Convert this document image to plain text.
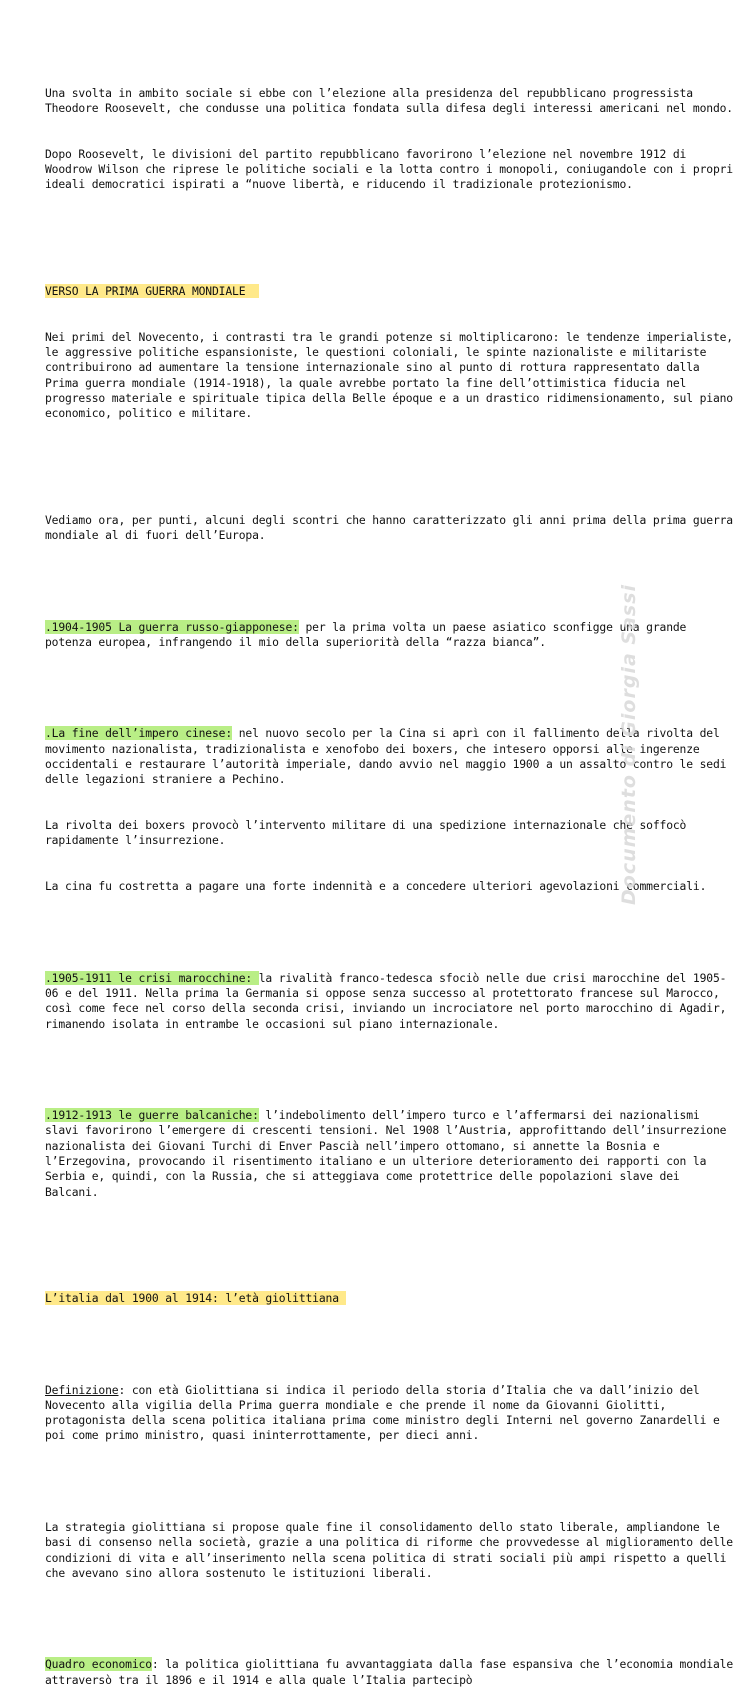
Una svolta in ambito sociale si ebbe con l’elezione alla presidenza del repubblicano progressista Theodore Roosevelt, che condusse una politica fondata sulla difesa degli interessi americani nel mondo.

Dopo Roosevelt, le divisioni del partito repubblicano favorirono l’elezione nel novembre 1912 di Woodrow Wilson che riprese le politiche sociali e la lotta contro i monopoli, coniugandole con i propri ideali democratici ispirati a “nuove libertà, e riducendo il tradizionale protezionismo.

VERSO LA PRIMA GUERRA MONDIALE

Nei primi del Novecento, i contrasti tra le grandi potenze si moltiplicarono: le tendenze imperialiste, le aggressive politiche espansioniste, le questioni coloniali, le spinte nazionaliste e militariste contribuirono ad aumentare la tensione internazionale sino al punto di rottura rappresentato dalla Prima guerra mondiale (1914-1918), la quale avrebbe portato la fine dell’ottimistica fiducia nel progresso materiale e spirituale tipica della Belle époque e a un drastico ridimensionamento, sul piano economico, politico e militare.

Vediamo ora, per punti, alcuni degli scontri che hanno caratterizzato gli anni prima della prima guerra mondiale al di fuori dell’Europa.

.1904-1905 La guerra russo-giapponese: per la prima volta un paese asiatico sconfigge una grande potenza europea, infrangendo il mio della superiorità della “razza bianca”.

.La fine dell’impero cinese: nel nuovo secolo per la Cina si aprì con il fallimento della rivolta del movimento nazionalista, tradizionalista e xenofobo dei boxers, che intesero opporsi alle ingerenze occidentali e restaurare l’autorità imperiale, dando avvio nel maggio 1900 a un assalto contro le sedi delle legazioni straniere a Pechino.

La rivolta dei boxers provocò l’intervento militare di una spedizione internazionale che soffocò rapidamente l’insurrezione.

La cina fu costretta a pagare una forte indennità e a concedere ulteriori agevolazioni commerciali.

.1905-1911 le crisi marocchine: la rivalità franco-tedesca sfociò nelle due crisi marocchine del 1905-06 e del 1911. Nella prima la Germania si oppose senza successo al protettorato francese sul Marocco, così come fece nel corso della seconda crisi, inviando un incrociatore nel porto marocchino di Agadir, rimanendo isolata in entrambe le occasioni sul piano internazionale.

.1912-1913 le guerre balcaniche: l’indebolimento dell’impero turco e l’affermarsi dei nazionalismi slavi favorirono l’emergere di crescenti tensioni. Nel 1908 l’Austria, approfittando dell’insurrezione nazionalista dei Giovani Turchi di Enver Pascià nell’impero ottomano, si annette la Bosnia e l’Erzegovina, provocando il risentimento italiano e un ulteriore deterioramento dei rapporti con la Serbia e, quindi, con la Russia, che si atteggiava come protettrice delle popolazioni slave dei Balcani.

L’italia dal 1900 al 1914: l’età giolittiana

Definizione: con età Giolittiana si indica il periodo della storia d’Italia che va dall’inizio del Novecento alla vigilia della Prima guerra mondiale e che prende il nome da Giovanni Giolitti, protagonista della scena politica italiana prima come ministro degli Interni nel governo Zanardelli e poi come primo ministro, quasi ininterrottamente, per dieci anni.

La strategia giolittiana si propose quale fine il consolidamento dello stato liberale, ampliandone le basi di consenso nella società, grazie a una politica di riforme che provvedesse al miglioramento delle condizioni di vita e all’inserimento nella scena politica di strati sociali più ampi rispetto a quelli che avevano sino allora sostenuto le istituzioni liberali.

Quadro economico: la politica giolittiana fu avvantaggiata dalla fase espansiva che l’economia mondiale attraversò tra il 1896 e il 1914 e alla quale l’Italia partecipò

Documento di Giorgia Sassi
